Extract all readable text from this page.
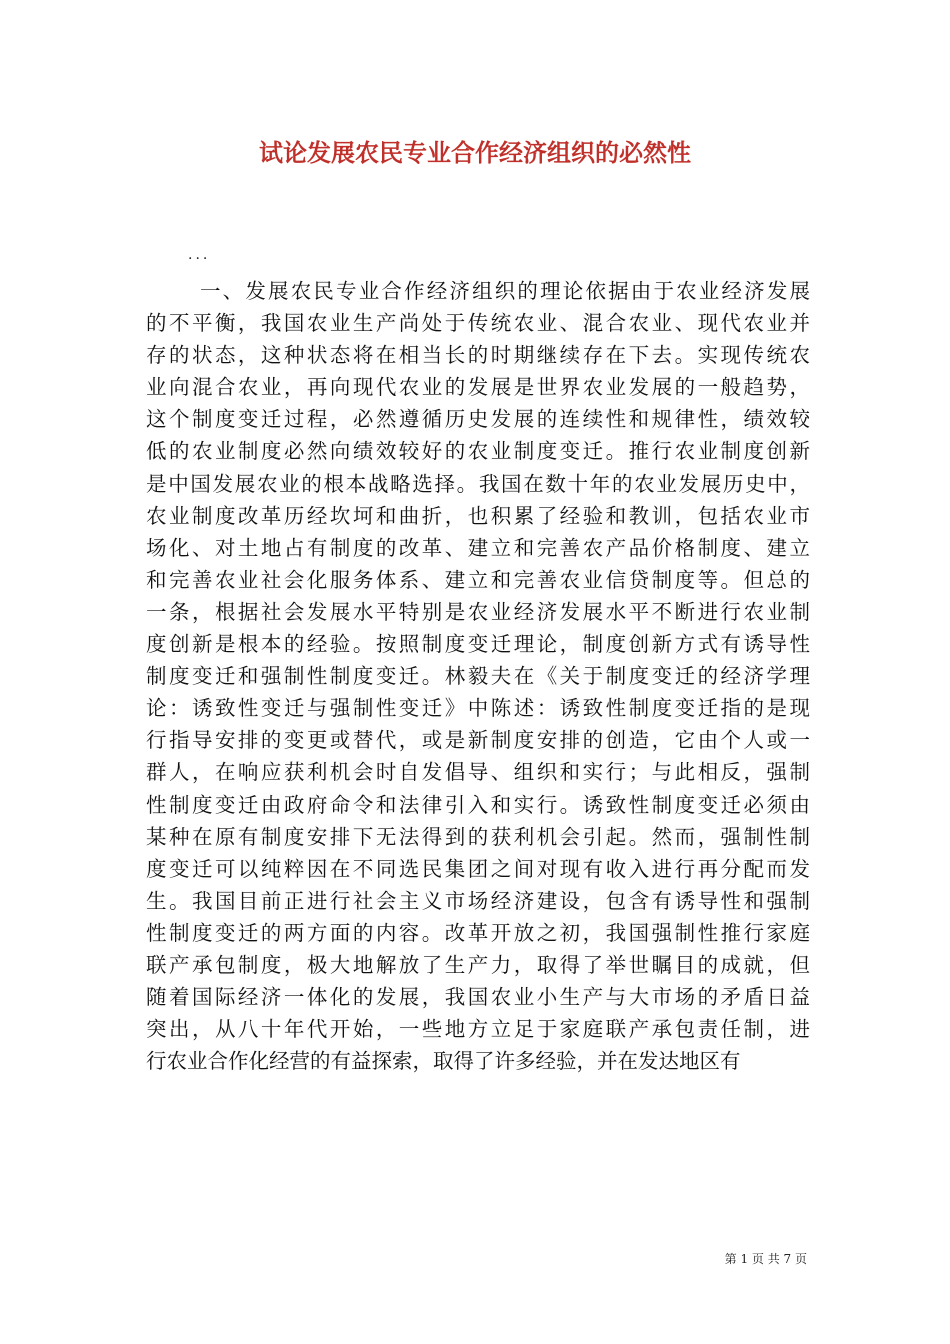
试论发展农民专业合作经济组织的必然性
...
一、发展农民专业合作经济组织的理论依据由于农业经济发展
的不平衡，我国农业生产尚处于传统农业、混合农业、现代农业并
存的状态，这种状态将在相当长的时期继续存在下去。实现传统农
业向混合农业，再向现代农业的发展是世界农业发展的一般趋势，
这个制度变迁过程，必然遵循历史发展的连续性和规律性，绩效较
低的农业制度必然向绩效较好的农业制度变迁。推行农业制度创新
是中国发展农业的根本战略选择。我国在数十年的农业发展历史中，
农业制度改革历经坎坷和曲折，也积累了经验和教训，包括农业市
场化、对土地占有制度的改革、建立和完善农产品价格制度、建立
和完善农业社会化服务体系、建立和完善农业信贷制度等。但总的
一条，根据社会发展水平特别是农业经济发展水平不断进行农业制
度创新是根本的经验。按照制度变迁理论，制度创新方式有诱导性
制度变迁和强制性制度变迁。林毅夫在《关于制度变迁的经济学理
论：诱致性变迁与强制性变迁》中陈述：诱致性制度变迁指的是现
行指导安排的变更或替代，或是新制度安排的创造，它由个人或一
群人，在响应获利机会时自发倡导、组织和实行；与此相反，强制
性制度变迁由政府命令和法律引入和实行。诱致性制度变迁必须由
某种在原有制度安排下无法得到的获利机会引起。然而，强制性制
度变迁可以纯粹因在不同选民集团之间对现有收入进行再分配而发
生。我国目前正进行社会主义市场经济建设，包含有诱导性和强制
性制度变迁的两方面的内容。改革开放之初，我国强制性推行家庭
联产承包制度，极大地解放了生产力，取得了举世瞩目的成就，但
随着国际经济一体化的发展，我国农业小生产与大市场的矛盾日益
突出，从八十年代开始，一些地方立足于家庭联产承包责任制，进
行农业合作化经营的有益探索，取得了许多经验，并在发达地区有
第 1 页 共 7 页
